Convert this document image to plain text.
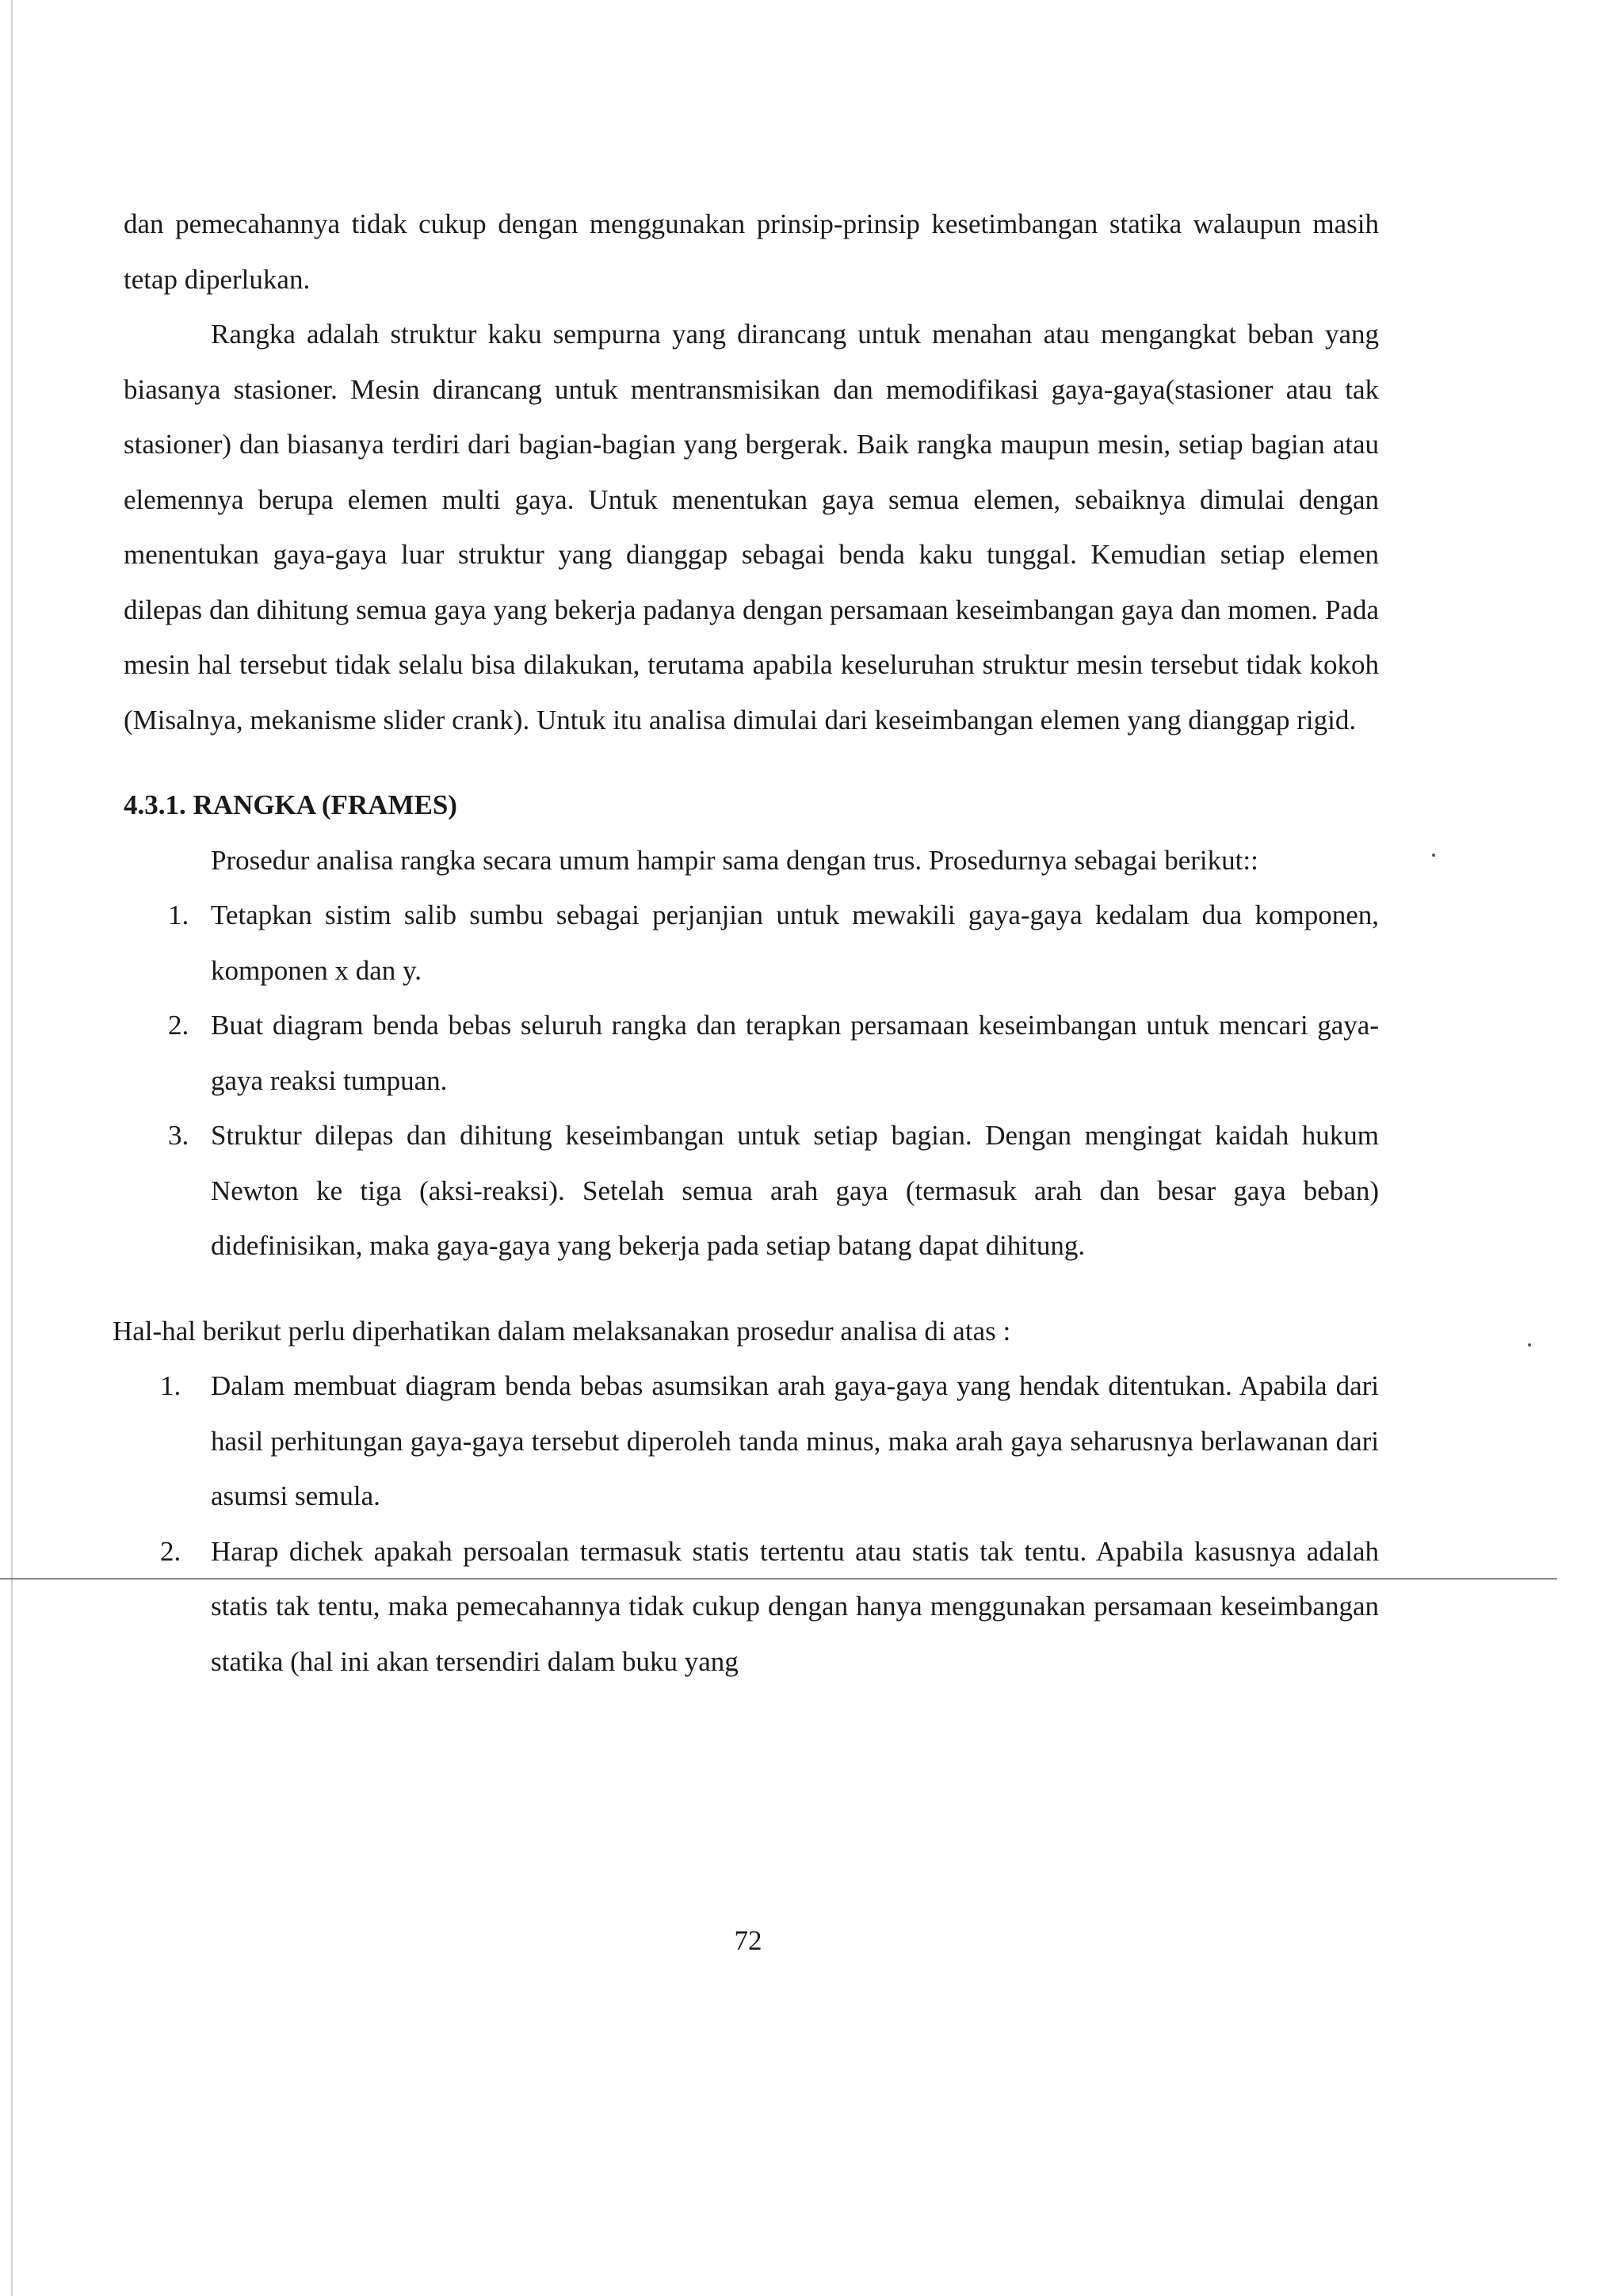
dan pemecahannya tidak cukup dengan menggunakan prinsip-prinsip kesetimbangan statika walaupun masih tetap diperlukan.

Rangka adalah struktur kaku sempurna yang dirancang untuk menahan atau mengangkat beban yang biasanya stasioner. Mesin dirancang untuk mentransmisikan dan memodifikasi gaya-gaya(stasioner atau tak stasioner) dan biasanya terdiri dari bagian-bagian yang bergerak. Baik rangka maupun mesin, setiap bagian atau elemennya berupa elemen multi gaya. Untuk menentukan gaya semua elemen, sebaiknya dimulai dengan menentukan gaya-gaya luar struktur yang dianggap sebagai benda kaku tunggal. Kemudian setiap elemen dilepas dan dihitung semua gaya yang bekerja padanya dengan persamaan keseimbangan gaya dan momen. Pada mesin hal tersebut tidak selalu bisa dilakukan, terutama apabila keseluruhan struktur mesin tersebut tidak kokoh (Misalnya, mekanisme slider crank). Untuk itu analisa dimulai dari keseimbangan elemen yang dianggap rigid.

4.3.1. RANGKA (FRAMES)

Prosedur analisa rangka secara umum hampir sama dengan trus. Prosedurnya sebagai berikut::

1. Tetapkan sistim salib sumbu sebagai perjanjian untuk mewakili gaya-gaya kedalam dua komponen, komponen x dan y.
2. Buat diagram benda bebas seluruh rangka dan terapkan persamaan keseimbangan untuk mencari gaya-gaya reaksi tumpuan.
3. Struktur dilepas dan dihitung keseimbangan untuk setiap bagian. Dengan mengingat kaidah hukum Newton ke tiga (aksi-reaksi). Setelah semua arah gaya (termasuk arah dan besar gaya beban) didefinisikan, maka gaya-gaya yang bekerja pada setiap batang dapat dihitung.

Hal-hal berikut perlu diperhatikan dalam melaksanakan prosedur analisa di atas :

1. Dalam membuat diagram benda bebas asumsikan arah gaya-gaya yang hendak ditentukan. Apabila dari hasil perhitungan gaya-gaya tersebut diperoleh tanda minus, maka arah gaya seharusnya berlawanan dari asumsi semula.
2. Harap dichek apakah persoalan termasuk statis tertentu atau statis tak tentu. Apabila kasusnya adalah statis tak tentu, maka pemecahannya tidak cukup dengan hanya menggunakan persamaan keseimbangan statika (hal ini akan tersendiri dalam buku yang
72
